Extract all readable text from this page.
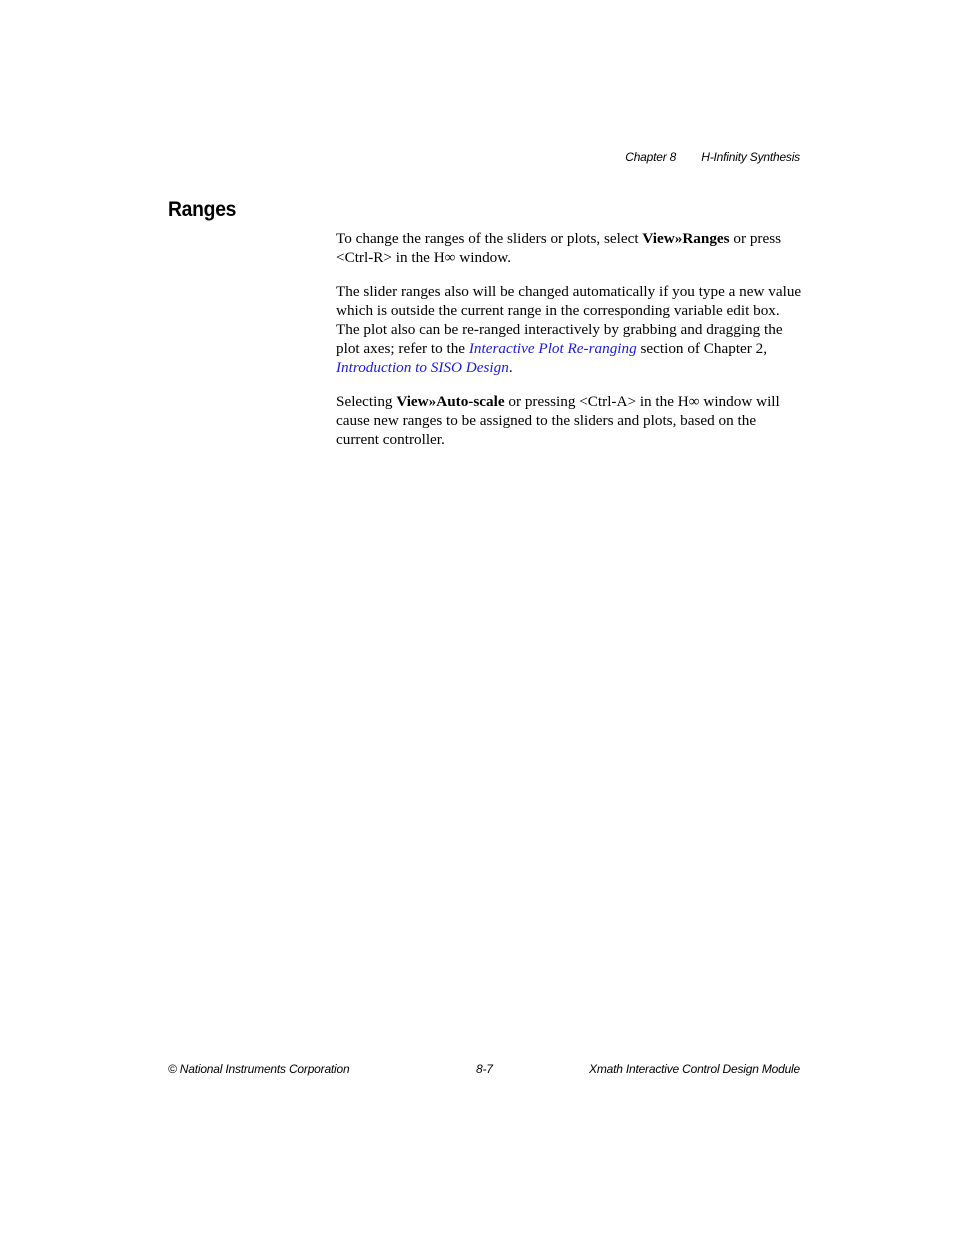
Chapter 8 H-Infinity Synthesis
Ranges

To change the ranges of the sliders or plots, select View»Ranges or press <Ctrl-R> in the H∞ window.

The slider ranges also will be changed automatically if you type a new value which is outside the current range in the corresponding variable edit box. The plot also can be re-ranged interactively by grabbing and dragging the plot axes; refer to the Interactive Plot Re-ranging section of Chapter 2, Introduction to SISO Design.

Selecting View»Auto-scale or pressing <Ctrl-A> in the H∞ window will cause new ranges to be assigned to the sliders and plots, based on the current controller.

© National Instruments Corporation	8-7	Xmath Interactive Control Design Module
